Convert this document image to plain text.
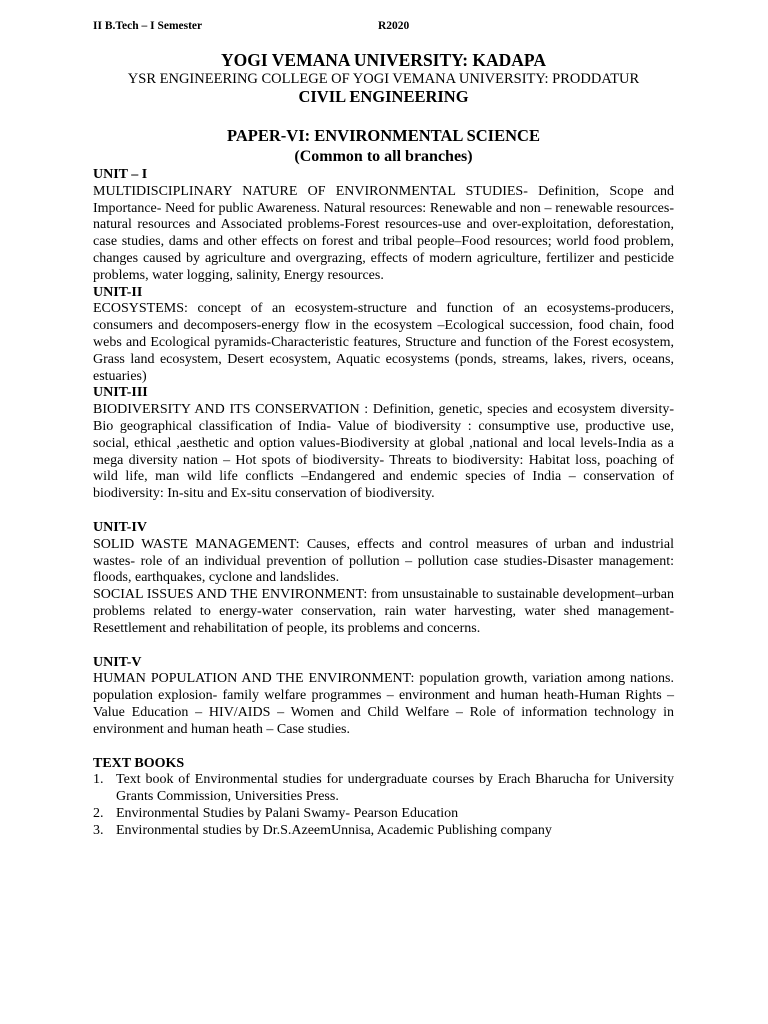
II B.Tech – I Semester	R2020
YOGI VEMANA UNIVERSITY: KADAPA
YSR ENGINEERING COLLEGE OF YOGI VEMANA UNIVERSITY: PRODDATUR
CIVIL ENGINEERING
PAPER-VI: ENVIRONMENTAL SCIENCE
(Common to all branches)
UNIT – I
MULTIDISCIPLINARY NATURE OF ENVIRONMENTAL STUDIES- Definition, Scope and Importance- Need for public Awareness. Natural resources: Renewable and non – renewable resources- natural resources and Associated problems-Forest resources-use and over-exploitation, deforestation, case studies, dams and other effects on forest and tribal people–Food resources; world food problem, changes caused by agriculture and overgrazing, effects of modern agriculture, fertilizer and pesticide problems, water logging, salinity, Energy resources.
UNIT-II
ECOSYSTEMS: concept of an ecosystem-structure and function of an ecosystems-producers, consumers and decomposers-energy flow in the ecosystem –Ecological succession, food chain, food webs and Ecological pyramids-Characteristic features, Structure and function of the Forest ecosystem, Grass land ecosystem, Desert ecosystem, Aquatic ecosystems (ponds, streams, lakes, rivers, oceans, estuaries)
UNIT-III
BIODIVERSITY AND ITS CONSERVATION : Definition, genetic, species and ecosystem diversity-Bio geographical classification of India- Value of biodiversity : consumptive use, productive use, social, ethical ,aesthetic and option values-Biodiversity at global ,national and local levels-India as a mega diversity nation – Hot spots of biodiversity- Threats to biodiversity: Habitat loss, poaching of wild life, man wild life conflicts –Endangered and endemic species of India – conservation of biodiversity: In-situ and Ex-situ conservation of biodiversity.
UNIT-IV
SOLID WASTE MANAGEMENT: Causes, effects and control measures of urban and industrial wastes- role of an individual prevention of pollution – pollution case studies-Disaster management: floods, earthquakes, cyclone and landslides.
SOCIAL ISSUES AND THE ENVIRONMENT: from unsustainable to sustainable development–urban problems related to energy-water conservation, rain water harvesting, water shed management-Resettlement and rehabilitation of people, its problems and concerns.
UNIT-V
HUMAN POPULATION AND THE ENVIRONMENT: population growth, variation among nations. population explosion- family welfare programmes – environment and human heath-Human Rights – Value Education – HIV/AIDS – Women and Child Welfare – Role of information technology in environment and human heath – Case studies.
TEXT BOOKS
1. Text book of Environmental studies for undergraduate courses by Erach Bharucha for University Grants Commission, Universities Press.
2. Environmental Studies by Palani Swamy- Pearson Education
3. Environmental studies by Dr.S.AzeemUnnisa, Academic Publishing company
